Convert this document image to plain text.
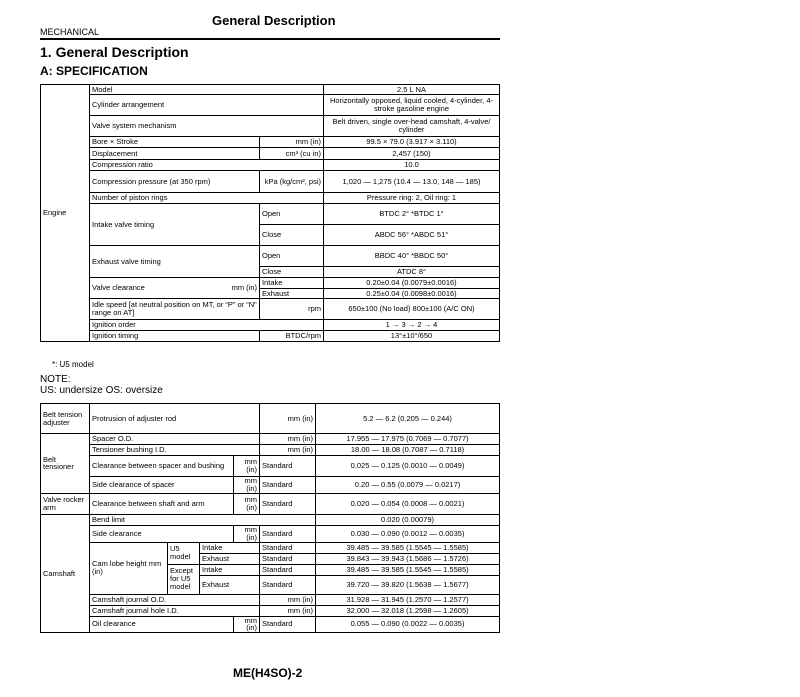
General Description
MECHANICAL
1. General Description
A: SPECIFICATION
Engine	Model		2.5 L NA
	Cylinder arrangement		Horizontally opposed, liquid cooled, 4-cylinder, 4-stroke gasoline engine
	Valve system mechanism		Belt driven, single over-head camshaft, 4-valve/ cylinder
	Bore × Stroke	mm (in)	99.5 × 79.0 (3.917 × 3.110)
	Displacement	cm³ (cu in)	2,457 (150)
	Compression ratio		10.0
	Compression pressure (at 350 rpm)	kPa (kg/cm², psi)	1,020 — 1,275 (10.4 — 13.0, 148 — 185)
	Number of piston rings		Pressure ring: 2, Oil ring: 1
	Intake valve timing	Open	BTDC 2° *BTDC 1°
		Close	ABDC 56° *ABDC 51°
	Exhaust valve timing	Open	BBDC 40° *BBDC 50°
		Close	ATDC 8°

	Valve clearance mm (in)	Intake	0.20±0.04 (0.0079±0.0016)
		Exhaust	0.25±0.04 (0.0098±0.0016)
	Idle speed [at neutral position on MT, or “P” or “N” range on AT]	rpm	650±100 (No load) 800±100 (A/C ON)
	Ignition order		1 → 3 → 2 → 4
	Ignition timing	BTDC/rpm	13°±10°/650
*: U5 model
NOTE:
US: undersize OS: oversize
Belt tension adjuster	Protrusion of adjuster rod				mm (in)	5.2 — 6.2 (0.205 — 0.244)
Belt tensioner	Spacer O.D.				mm (in)	17.955 — 17.975 (0.7069 — 0.7077)
	Tensioner bushing I.D.				mm (in)	18.00 — 18.08 (0.7087 — 0.7118)
	Clearance between spacer and bushing			mm (in)	Standard	0.025 — 0.125 (0.0010 — 0.0049)
	Side clearance of spacer			mm (in)	Standard	0.20 — 0.55 (0.0079 — 0.0217)
Valve rocker arm	Clearance between shaft and arm			mm (in)	Standard	0.020 — 0.054 (0.0008 — 0.0021)
Camshaft	Bend limit					0.020 (0.00079)
	Side clearance			mm (in)	Standard	0.030 — 0.090 (0.0012 — 0.0035)
	Cam lobe height mm (in)	U5 model	Intake		Standard	39.485 — 39.585 (1.5545 — 1.5585)
			Exhaust		Standard	39.843 — 39.943 (1.5686 — 1.5726)
		Except for U5 model	Intake		Standard	39.485 — 39.585 (1.5545 — 1.5585)
			Exhaust		Standard	39.720 — 39.820 (1.5638 — 1.5677)
	Camshaft journal O.D.				mm (in)	31.928 — 31.945 (1.2570 — 1.2577)
	Camshaft journal hole I.D.				mm (in)	32.000 — 32.018 (1.2598 — 1.2605)
	Oil clearance			mm (in)	Standard	0.055 — 0.090 (0.0022 — 0.0035)
ME(H4SO)-2
